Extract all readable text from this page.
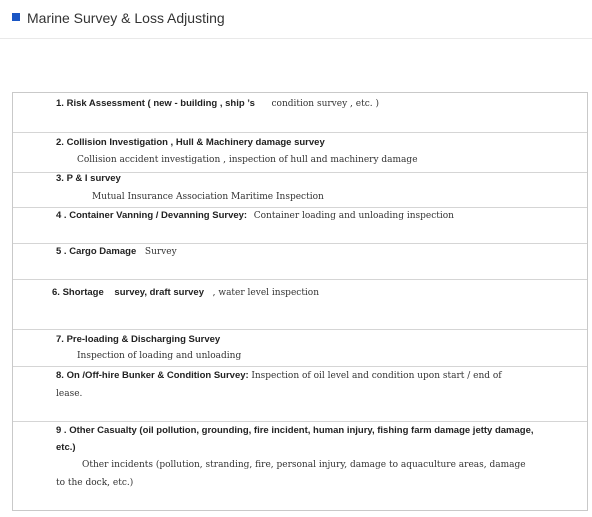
Marine Survey & Loss Adjusting
1. Risk Assessment ( new - building , ship ’s condition survey , etc. )
2. Collision Investigation , Hull & Machinery damage survey
Collision accident investigation , inspection of hull and machinery damage
3. P & I survey
Mutual Insurance Association Maritime Inspection
4 . Container Vanning / Devanning Survey: Container loading and unloading inspection
5 . Cargo Damage Survey
6. Shortage survey, draft survey , water level inspection
7. Pre-loading & Discharging Survey
Inspection of loading and unloading
8. On /Off-hire Bunker & Condition Survey: Inspection of oil level and condition upon start / end of
lease.
9 . Other Casualty (oil pollution, grounding, fire incident, human injury, fishing farm damage jetty damage,
etc.)
Other incidents (pollution, stranding, fire, personal injury, damage to aquaculture areas, damage
to the dock, etc.)
